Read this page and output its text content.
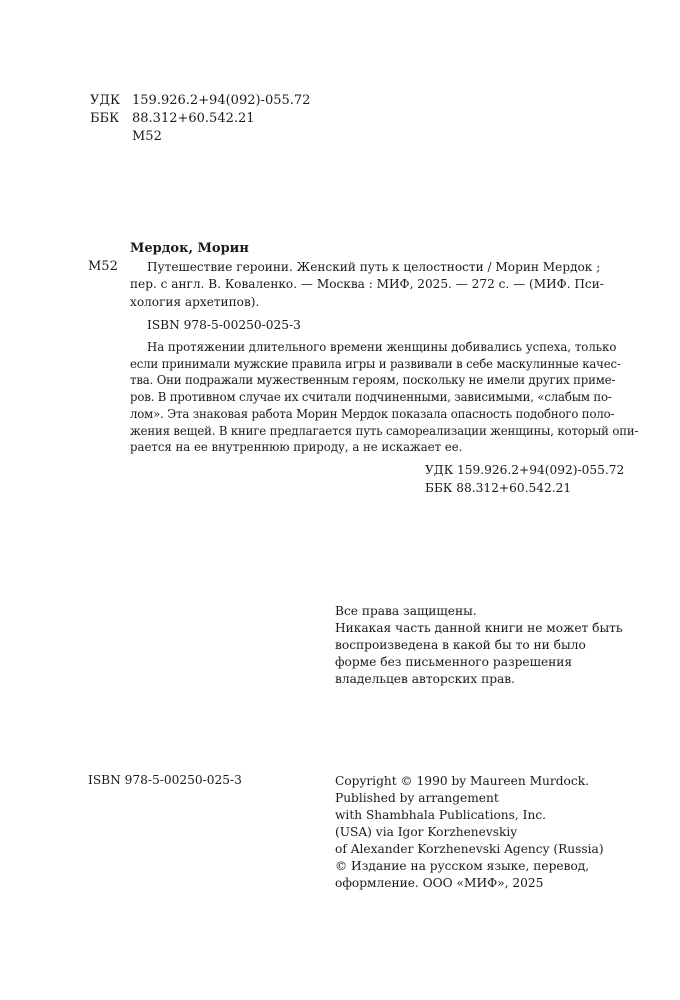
УДК 159.926.2+94(092)-055.72
ББК 88.312+60.542.21
М52
Мердок, Морин
М52	Путешествие героини. Женский путь к целостности / Морин Мердок ;
пер. с англ. В. Коваленко. — Москва : МИФ, 2025. — 272 с. — (МИФ. Пси-
хология архетипов).
ISBN 978-5-00250-025-3
На протяжении длительного времени женщины добивались успеха, только
если принимали мужские правила игры и развивали в себе маскулинные качес-
тва. Они подражали мужественным героям, поскольку не имели других приме-
ров. В противном случае их считали подчиненными, зависимыми, «слабым по-
лом». Эта знаковая работа Морин Мердок показала опасность подобного поло-
жения вещей. В книге предлагается путь самореализации женщины, который опи-
рается на ее внутреннюю природу, а не искажает ее.
УДК 159.926.2+94(092)-055.72
ББК 88.312+60.542.21
Все права защищены.
Никакая часть данной книги не может быть
воспроизведена в какой бы то ни было
форме без письменного разрешения
владельцев авторских прав.
ISBN 978-5-00250-025-3	Copyright © 1990 by Maureen Murdock.
Published by arrangement
with Shambhala Publications, Inc.
(USA) via Igor Korzhenevskiy
of Alexander Korzhenevski Agency (Russia)
© Издание на русском языке, перевод,
оформление. ООО «МИФ», 2025
